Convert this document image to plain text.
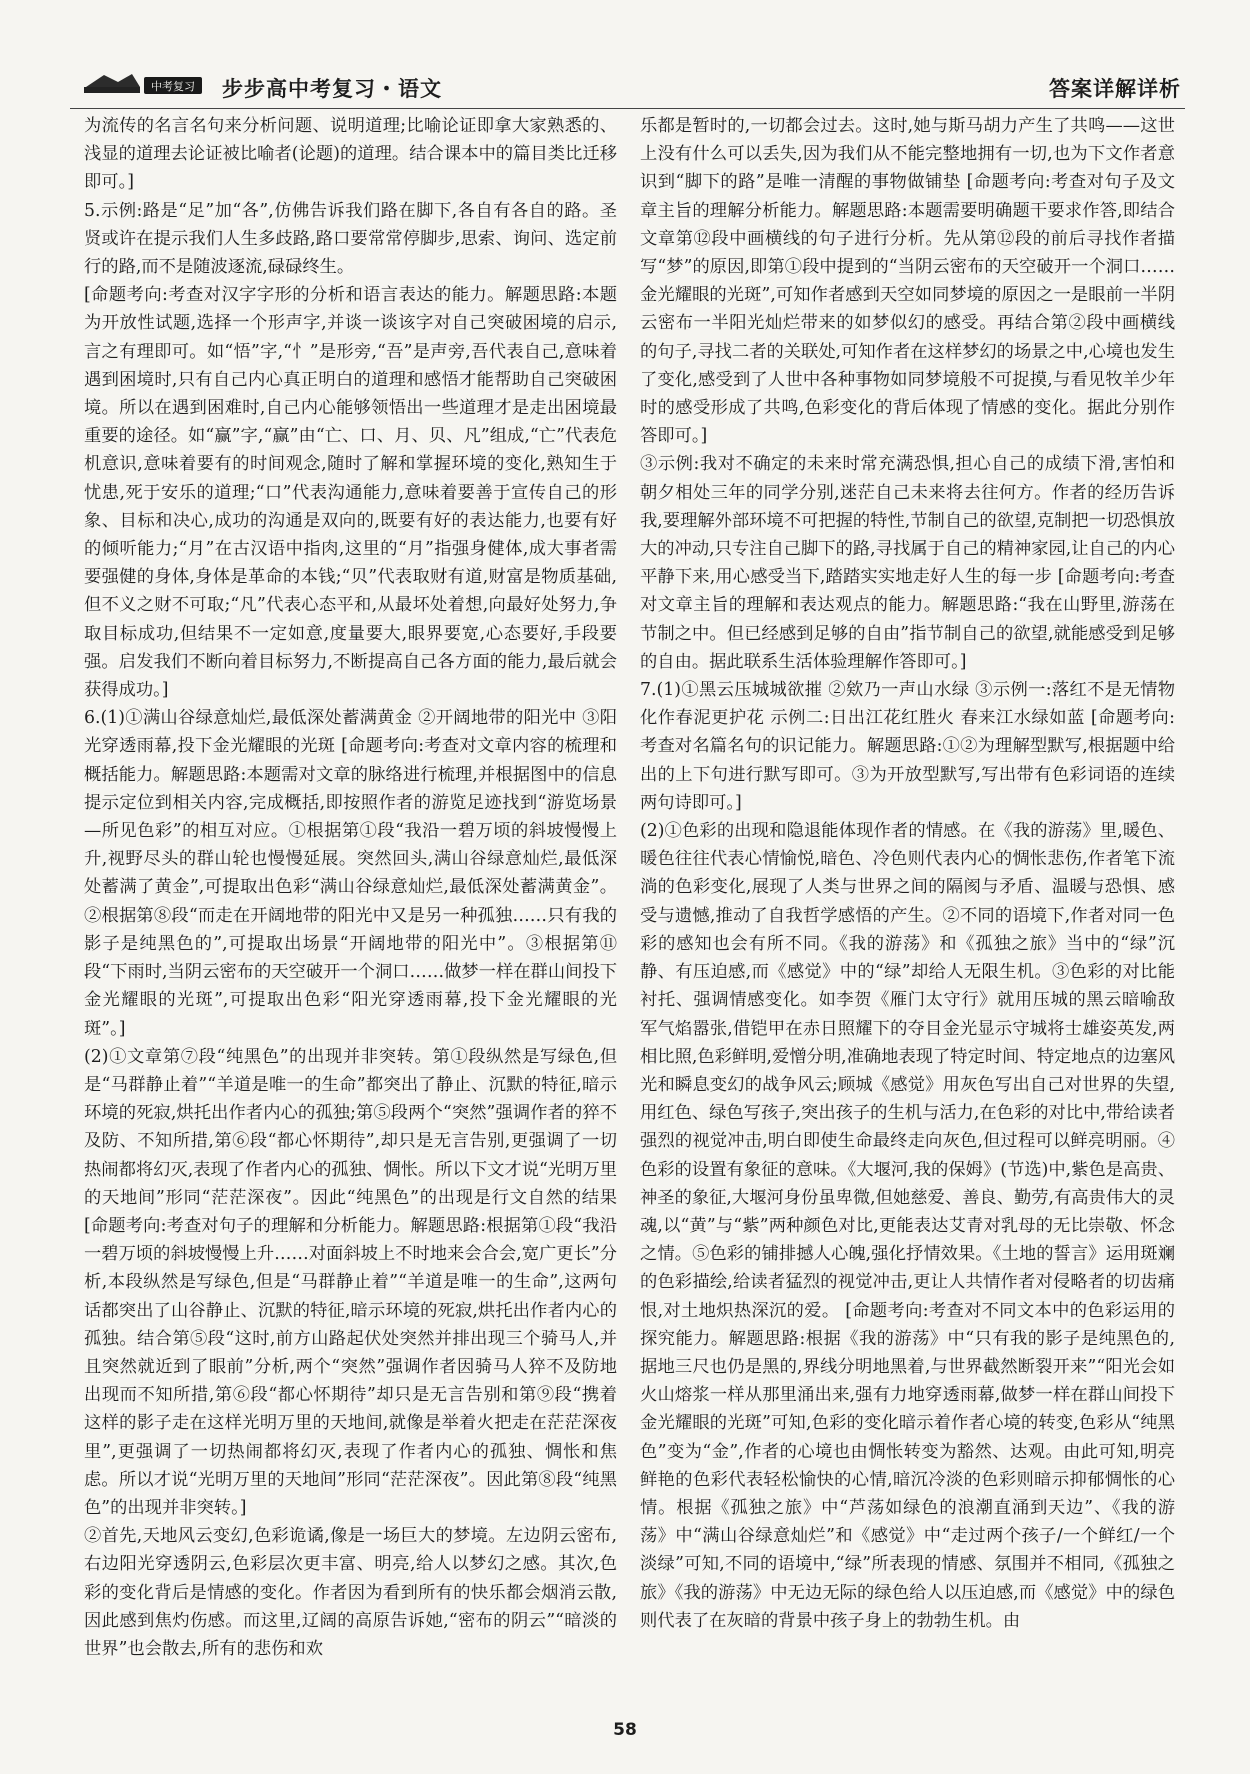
中考复习 步步高中考复习・语文	答案详解详析

为流传的名言名句来分析问题、说明道理;比喻论证即拿大家熟悉的、浅显的道理去论证被比喻者(论题)的道理。结合课本中的篇目类比迁移即可。]

5.示例:路是“足”加“各”,仿佛告诉我们路在脚下,各自有各自的路。圣贤或许在提示我们人生多歧路,路口要常常停脚步,思索、询问、选定前行的路,而不是随波逐流,碌碌终生。

[命题考向:考查对汉字字形的分析和语言表达的能力。解题思路:本题为开放性试题,选择一个形声字,并谈一谈该字对自己突破困境的启示,言之有理即可。如“悟”字,“忄”是形旁,“吾”是声旁,吾代表自己,意味着遇到困境时,只有自己内心真正明白的道理和感悟才能帮助自己突破困境。所以在遇到困难时,自己内心能够领悟出一些道理才是走出困境最重要的途径。如“赢”字,“赢”由“亡、口、月、贝、凡”组成,“亡”代表危机意识,意味着要有的时间观念,随时了解和掌握环境的变化,熟知生于忧患,死于安乐的道理;“口”代表沟通能力,意味着要善于宣传自己的形象、目标和决心,成功的沟通是双向的,既要有好的表达能力,也要有好的倾听能力;“月”在古汉语中指肉,这里的“月”指强身健体,成大事者需要强健的身体,身体是革命的本钱;“贝”代表取财有道,财富是物质基础,但不义之财不可取;“凡”代表心态平和,从最坏处着想,向最好处努力,争取目标成功,但结果不一定如意,度量要大,眼界要宽,心态要好,手段要强。启发我们不断向着目标努力,不断提高自己各方面的能力,最后就会获得成功。]

6.(1)①满山谷绿意灿烂,最低深处蓄满黄金 ②开阔地带的阳光中 ③阳光穿透雨幕,投下金光耀眼的光斑 [命题考向:考查对文章内容的梳理和概括能力。解题思路:本题需对文章的脉络进行梳理,并根据图中的信息提示定位到相关内容,完成概括,即按照作者的游览足迹找到“游览场景—所见色彩”的相互对应。①根据第①段“我沿一碧万顷的斜坡慢慢上升,视野尽头的群山轮也慢慢延展。突然回头,满山谷绿意灿烂,最低深处蓄满了黄金”,可提取出色彩“满山谷绿意灿烂,最低深处蓄满黄金”。②根据第⑧段“而走在开阔地带的阳光中又是另一种孤独……只有我的影子是纯黑色的”,可提取出场景“开阔地带的阳光中”。③根据第⑪段“下雨时,当阴云密布的天空破开一个洞口……做梦一样在群山间投下金光耀眼的光斑”,可提取出色彩“阳光穿透雨幕,投下金光耀眼的光斑”。]

(2)①文章第⑦段“纯黑色”的出现并非突转。第①段纵然是写绿色,但是“马群静止着”“羊道是唯一的生命”都突出了静止、沉默的特征,暗示环境的死寂,烘托出作者内心的孤独;第⑤段两个“突然”强调作者的猝不及防、不知所措,第⑥段“都心怀期待”,却只是无言告别,更强调了一切热闹都将幻灭,表现了作者内心的孤独、惆怅。所以下文才说“光明万里的天地间”形同“茫茫深夜”。因此“纯黑色”的出现是行文自然的结果 [命题考向:考查对句子的理解和分析能力。解题思路:根据第①段“我沿一碧万顷的斜坡慢慢上升……对面斜坡上不时地来会合会,宽广更长”分析,本段纵然是写绿色,但是“马群静止着”“羊道是唯一的生命”,这两句话都突出了山谷静止、沉默的特征,暗示环境的死寂,烘托出作者内心的孤独。结合第⑤段“这时,前方山路起伏处突然并排出现三个骑马人,并且突然就近到了眼前”分析,两个“突然”强调作者因骑马人猝不及防地出现而不知所措,第⑥段“都心怀期待”却只是无言告别和第⑨段“携着这样的影子走在这样光明万里的天地间,就像是举着火把走在茫茫深夜里”,更强调了一切热闹都将幻灭,表现了作者内心的孤独、惆怅和焦虑。所以才说“光明万里的天地间”形同“茫茫深夜”。因此第⑧段“纯黑色”的出现并非突转。]

②首先,天地风云变幻,色彩诡谲,像是一场巨大的梦境。左边阴云密布,右边阳光穿透阴云,色彩层次更丰富、明亮,给人以梦幻之感。其次,色彩的变化背后是情感的变化。作者因为看到所有的快乐都会烟消云散,因此感到焦灼伤感。而这里,辽阔的高原告诉她,“密布的阴云”“暗淡的世界”也会散去,所有的悲伤和欢

乐都是暂时的,一切都会过去。这时,她与斯马胡力产生了共鸣——这世上没有什么可以丢失,因为我们从不能完整地拥有一切,也为下文作者意识到“脚下的路”是唯一清醒的事物做铺垫 [命题考向:考查对句子及文章主旨的理解分析能力。解题思路:本题需要明确题干要求作答,即结合文章第⑫段中画横线的句子进行分析。先从第⑫段的前后寻找作者描写“梦”的原因,即第①段中提到的“当阴云密布的天空破开一个洞口……金光耀眼的光斑”,可知作者感到天空如同梦境的原因之一是眼前一半阴云密布一半阳光灿烂带来的如梦似幻的感受。再结合第②段中画横线的句子,寻找二者的关联处,可知作者在这样梦幻的场景之中,心境也发生了变化,感受到了人世中各种事物如同梦境般不可捉摸,与看见牧羊少年时的感受形成了共鸣,色彩变化的背后体现了情感的变化。据此分别作答即可。]

③示例:我对不确定的未来时常充满恐惧,担心自己的成绩下滑,害怕和朝夕相处三年的同学分别,迷茫自己未来将去往何方。作者的经历告诉我,要理解外部环境不可把握的特性,节制自己的欲望,克制把一切恐惧放大的冲动,只专注自己脚下的路,寻找属于自己的精神家园,让自己的内心平静下来,用心感受当下,踏踏实实地走好人生的每一步 [命题考向:考查对文章主旨的理解和表达观点的能力。解题思路:“我在山野里,游荡在节制之中。但已经感到足够的自由”指节制自己的欲望,就能感受到足够的自由。据此联系生活体验理解作答即可。]

7.(1)①黑云压城城欲摧 ②欸乃一声山水绿 ③示例一:落红不是无情物 化作春泥更护花 示例二:日出江花红胜火 春来江水绿如蓝 [命题考向:考查对名篇名句的识记能力。解题思路:①②为理解型默写,根据题中给出的上下句进行默写即可。③为开放型默写,写出带有色彩词语的连续两句诗即可。]

(2)①色彩的出现和隐退能体现作者的情感。在《我的游荡》里,暖色、暖色往往代表心情愉悦,暗色、冷色则代表内心的惆怅悲伤,作者笔下流淌的色彩变化,展现了人类与世界之间的隔阂与矛盾、温暖与恐惧、感受与遗憾,推动了自我哲学感悟的产生。②不同的语境下,作者对同一色彩的感知也会有所不同。《我的游荡》和《孤独之旅》当中的“绿”沉静、有压迫感,而《感觉》中的“绿”却给人无限生机。③色彩的对比能衬托、强调情感变化。如李贺《雁门太守行》就用压城的黑云暗喻敌军气焰嚣张,借铠甲在赤日照耀下的夺目金光显示守城将士雄姿英发,两相比照,色彩鲜明,爱憎分明,准确地表现了特定时间、特定地点的边塞风光和瞬息变幻的战争风云;顾城《感觉》用灰色写出自己对世界的失望,用红色、绿色写孩子,突出孩子的生机与活力,在色彩的对比中,带给读者强烈的视觉冲击,明白即使生命最终走向灰色,但过程可以鲜亮明丽。④色彩的设置有象征的意味。《大堰河,我的保姆》(节选)中,紫色是高贵、神圣的象征,大堰河身份虽卑微,但她慈爱、善良、勤劳,有高贵伟大的灵魂,以“黄”与“紫”两种颜色对比,更能表达艾青对乳母的无比崇敬、怀念之情。⑤色彩的铺排撼人心魄,强化抒情效果。《土地的誓言》运用斑斓的色彩描绘,给读者猛烈的视觉冲击,更让人共情作者对侵略者的切齿痛恨,对土地炽热深沉的爱。 [命题考向:考查对不同文本中的色彩运用的探究能力。解题思路:根据《我的游荡》中“只有我的影子是纯黑色的,据地三尺也仍是黑的,界线分明地黑着,与世界截然断裂开来”“阳光会如火山熔浆一样从那里涌出来,强有力地穿透雨幕,做梦一样在群山间投下金光耀眼的光斑”可知,色彩的变化暗示着作者心境的转变,色彩从“纯黑色”变为“金”,作者的心境也由惆怅转变为豁然、达观。由此可知,明亮鲜艳的色彩代表轻松愉快的心情,暗沉冷淡的色彩则暗示抑郁惆怅的心情。根据《孤独之旅》中“芦荡如绿色的浪潮直涌到天边”、《我的游荡》中“满山谷绿意灿烂”和《感觉》中“走过两个孩子/一个鲜红/一个淡绿”可知,不同的语境中,“绿”所表现的情感、氛围并不相同,《孤独之旅》《我的游荡》中无边无际的绿色给人以压迫感,而《感觉》中的绿色则代表了在灰暗的背景中孩子身上的勃勃生机。由

58
